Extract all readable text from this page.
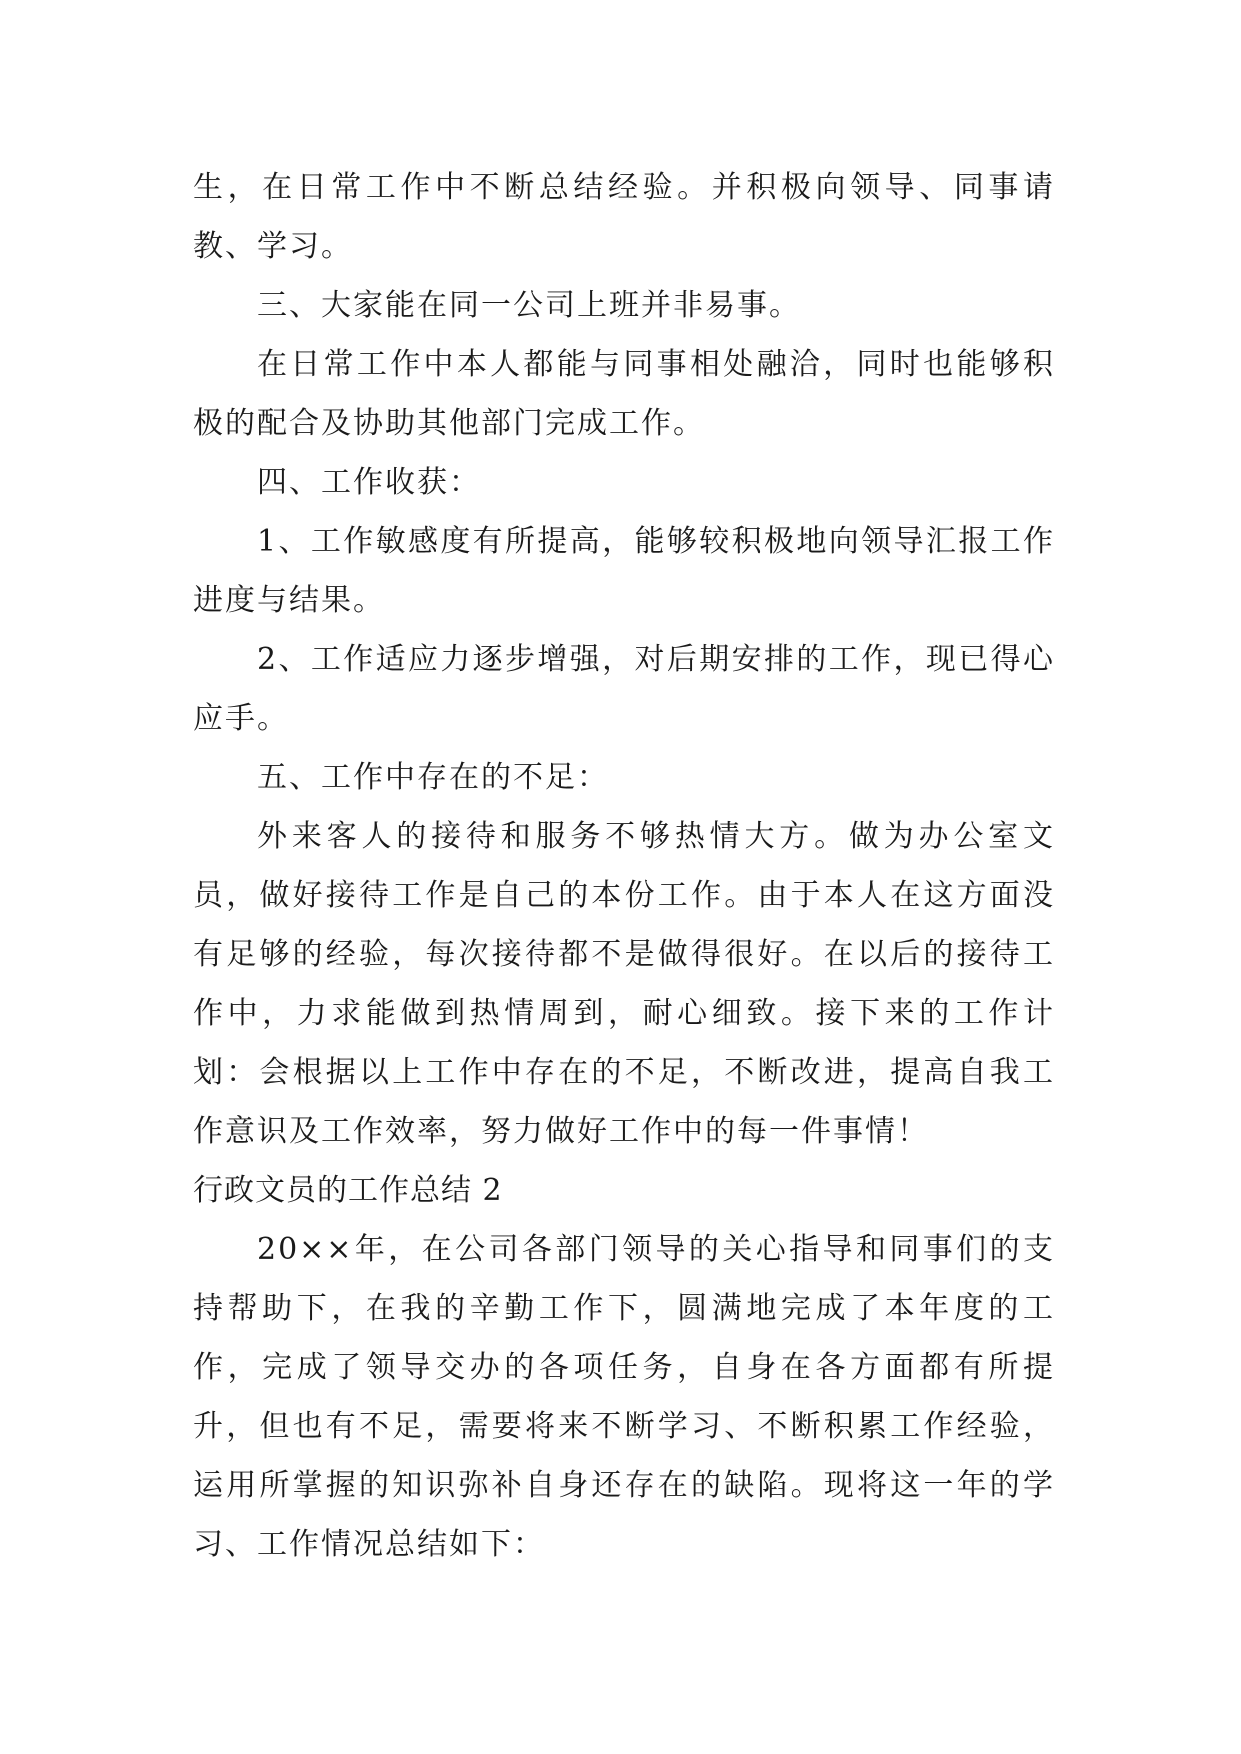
生，在日常工作中不断总结经验。并积极向领导、同事请教、学习。

三、大家能在同一公司上班并非易事。

在日常工作中本人都能与同事相处融洽，同时也能够积极的配合及协助其他部门完成工作。

四、工作收获：

1、工作敏感度有所提高，能够较积极地向领导汇报工作进度与结果。

2、工作适应力逐步增强，对后期安排的工作，现已得心应手。

五、工作中存在的不足：

外来客人的接待和服务不够热情大方。做为办公室文员，做好接待工作是自己的本份工作。由于本人在这方面没有足够的经验，每次接待都不是做得很好。在以后的接待工作中，力求能做到热情周到，耐心细致。接下来的工作计划：会根据以上工作中存在的不足，不断改进，提高自我工作意识及工作效率，努力做好工作中的每一件事情！

行政文员的工作总结 2

20××年，在公司各部门领导的关心指导和同事们的支持帮助下，在我的辛勤工作下，圆满地完成了本年度的工作，完成了领导交办的各项任务，自身在各方面都有所提升，但也有不足，需要将来不断学习、不断积累工作经验，运用所掌握的知识弥补自身还存在的缺陷。现将这一年的学习、工作情况总结如下：
